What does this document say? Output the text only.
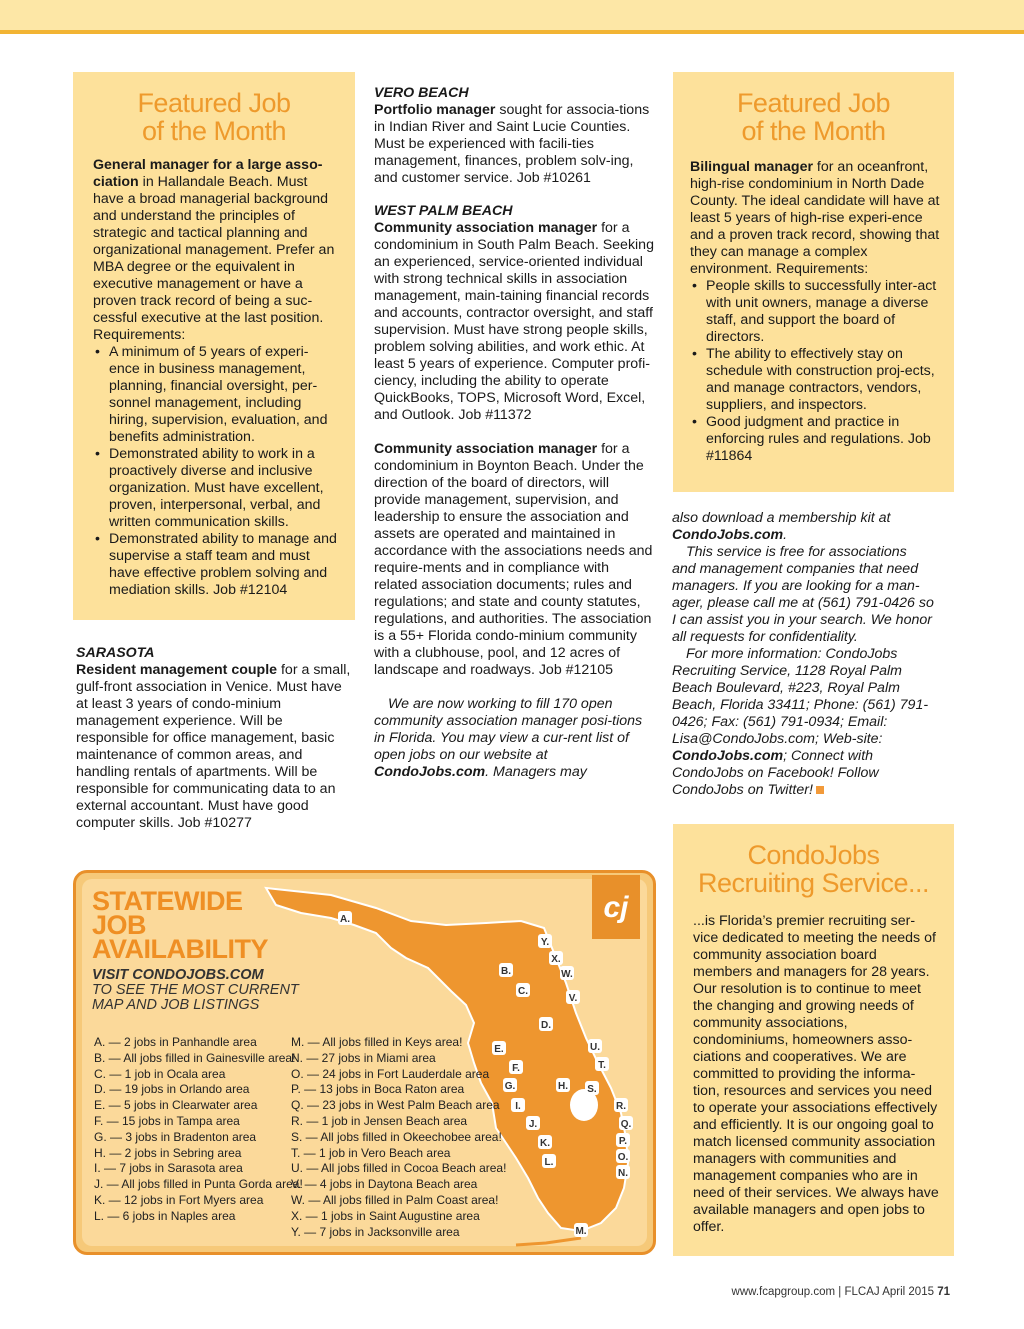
Featured Job
of the Month

General manager for a large asso-ciation in Hallandale Beach. Must have a broad managerial background and understand the principles of strategic and tactical planning and organizational management. Prefer an MBA degree or the equivalent in executive management or have a proven track record of being a suc-cessful executive at the last position. Requirements:

• A minimum of 5 years of experi-ence in business management, planning, financial oversight, per-sonnel management, including hiring, supervision, evaluation, and benefits administration.
• Demonstrated ability to work in a proactively diverse and inclusive organization. Must have excellent, proven, interpersonal, verbal, and written communication skills.
• Demonstrated ability to manage and supervise a staff team and must have effective problem solving and mediation skills. Job #12104
SARASOTA

Resident management couple for a small, gulf-front association in Venice. Must have at least 3 years of condo-minium management experience. Will be responsible for office management, basic maintenance of common areas, and handling rentals of apartments. Will be responsible for communicating data to an external accountant. Must have good computer skills. Job #10277

VERO BEACH

Portfolio manager sought for associa-tions in Indian River and Saint Lucie Counties. Must be experienced with facili-ties management, finances, problem solv-ing, and customer service. Job #10261

WEST PALM BEACH

Community association manager for a condominium in South Palm Beach. Seeking an experienced, service-oriented individual with strong technical skills in association management, main-taining financial records and accounts, contractor oversight, and staff supervision. Must have strong people skills, problem solving abilities, and work ethic. At least 5 years of experience. Computer profi-ciency, including the ability to operate QuickBooks, TOPS, Microsoft Word, Excel, and Outlook. Job #11372

Community association manager for a condominium in Boynton Beach. Under the direction of the board of directors, will provide management, supervision, and leadership to ensure the association and assets are operated and maintained in accordance with the associations needs and require-ments and in compliance with related association documents; rules and regulations; and state and county statutes, regulations, and authorities. The association is a 55+ Florida condo-minium community with a clubhouse, pool, and 12 acres of landscape and roadways. Job #12105

We are now working to fill 170 open community association manager posi-tions in Florida. You may view a cur-rent list of open jobs on our website at CondoJobs.com. Managers may

Featured Job
of the Month

Bilingual manager for an oceanfront, high-rise condominium in North Dade County. The ideal candidate will have at least 5 years of high-rise experi-ence and a proven track record, showing that they can manage a complex environment. Requirements:

• People skills to successfully inter-act with unit owners, manage a diverse staff, and support the board of directors.
• The ability to effectively stay on schedule with construction proj-ects, and manage contractors, vendors, suppliers, and inspectors.
• Good judgment and practice in enforcing rules and regulations. Job #11864

also download a membership kit at CondoJobs.com.

This service is free for associations and management companies that need managers. If you are looking for a man-ager, please call me at (561) 791-0426 so I can assist you in your search. We honor all requests for confidentiality.

For more information: CondoJobs Recruiting Service, 1128 Royal Palm Beach Boulevard, #223, Royal Palm Beach, Florida 33411; Phone: (561) 791-0426; Fax: (561) 791-0934; Email: Lisa@CondoJobs.com; Web-site: CondoJobs.com; Connect with CondoJobs on Facebook! Follow CondoJobs on Twitter!

CondoJobs
Recruiting Service...
...is Florida’s premier recruiting ser-vice dedicated to meeting the needs of community association board members and managers for 28 years. Our resolution is to continue to meet the changing and growing needs of community associations, condominiums, homeowners asso-ciations and cooperatives. We are committed to providing the informa-tion, resources and services you need to operate your associations effectively and efficiently. It is our ongoing goal to match licensed community association managers with communities and management companies who are in need of their services. We always have available managers and open jobs to offer.
cj
A.
B.
C.
D.
E.
F.
G.	H.
I.
J.
K.
L.
M.
N.
O.
P.
Q.
R.
S.
T.
U.
V.
W.
X.
Y.
STATEWIDE
JOB
AVAILABILITY
VISIT CONDOJOBS.COM
TO SEE THE MOST CURRENT
MAP AND JOB LISTINGS
A. — 2 jobs in Panhandle area
B. — All jobs filled in Gainesville area!
C. — 1 job in Ocala area
D. — 19 jobs in Orlando area
E. — 5 jobs in Clearwater area
F. — 15 jobs in Tampa area
G. — 3 jobs in Bradenton area
H. — 2 jobs in Sebring area
I. — 7 jobs in Sarasota area
J. — All jobs filled in Punta Gorda area!
K. — 12 jobs in Fort Myers area
L. — 6 jobs in Naples area
M. — All jobs filled in Keys area!
N. — 27 jobs in Miami area
O. — 24 jobs in Fort Lauderdale area
P. — 13 jobs in Boca Raton area
Q. — 23 jobs in West Palm Beach area
R. — 1 job in Jensen Beach area
S. — All jobs filled in Okeechobee area!
T. — 1 job in Vero Beach area
U. — All jobs filled in Cocoa Beach area!
V. — 4 jobs in Daytona Beach area
W. — All jobs filled in Palm Coast area!
X. — 1 jobs in Saint Augustine area
Y. — 7 jobs in Jacksonville area
www.fcapgroup.com | FLCAJ April 2015 71
